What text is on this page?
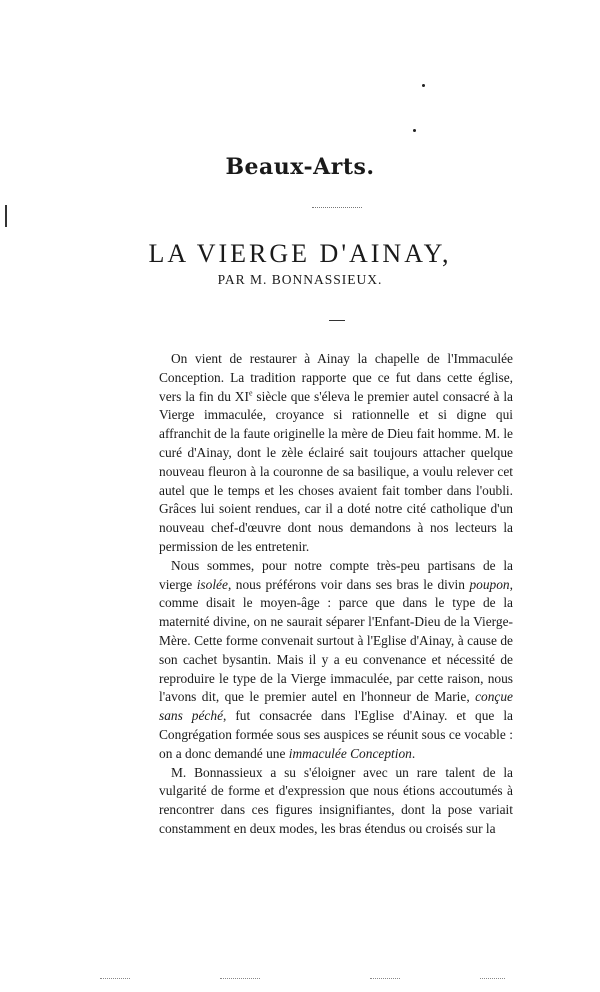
Beaux-Arts.
LA VIERGE D'AINAY,
PAR M. BONNASSIEUX.

On vient de restaurer à Ainay la chapelle de l'Immaculée Conception. La tradition rapporte que ce fut dans cette église, vers la fin du XIe siècle que s'éleva le premier autel consacré à la Vierge immaculée, croyance si rationnelle et si digne qui affranchit de la faute originelle la mère de Dieu fait homme. M. le curé d'Ainay, dont le zèle éclairé sait toujours attacher quelque nouveau fleuron à la couronne de sa basilique, a voulu relever cet autel que le temps et les choses avaient fait tomber dans l'oubli. Grâces lui soient rendues, car il a doté notre cité catholique d'un nouveau chef-d'œuvre dont nous demandons à nos lecteurs la permission de les entretenir.

Nous sommes, pour notre compte très-peu partisans de la vierge isolée, nous préférons voir dans ses bras le divin poupon, comme disait le moyen-âge : parce que dans le type de la maternité divine, on ne saurait séparer l'Enfant-Dieu de la Vierge-Mère. Cette forme convenait surtout à l'Eglise d'Ainay, à cause de son cachet bysantin. Mais il y a eu convenance et nécessité de reproduire le type de la Vierge immaculée, par cette raison, nous l'avons dit, que le premier autel en l'honneur de Marie, conçue sans péché, fut consacrée dans l'Eglise d'Ainay. et que la Congrégation formée sous ses auspices se réunit sous ce vocable : on a donc demandé une immaculée Conception.

M. Bonnassieux a su s'éloigner avec un rare talent de la vulgarité de forme et d'expression que nous étions accoutumés à rencontrer dans ces figures insignifiantes, dont la pose variait constamment en deux modes, les bras étendus ou croisés sur la
